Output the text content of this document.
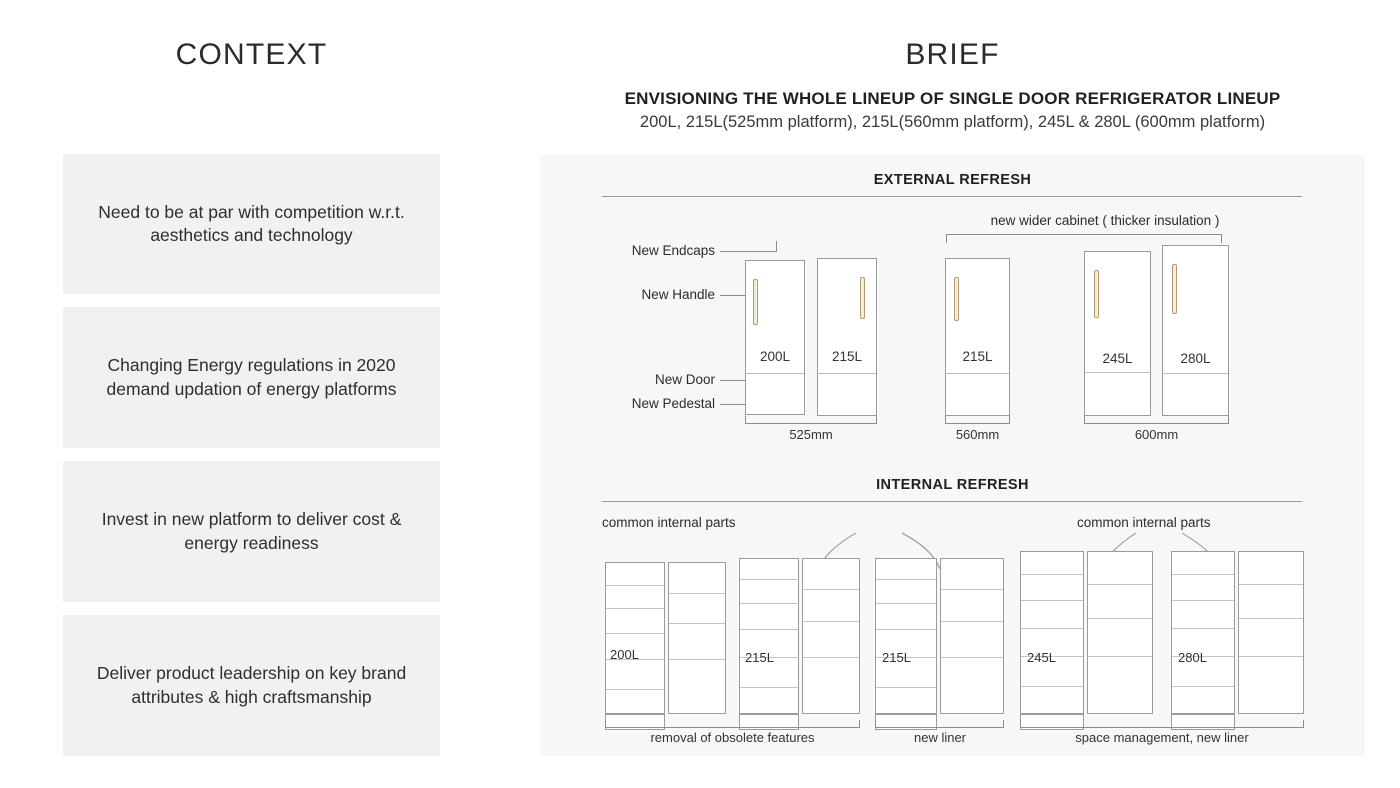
CONTEXT
Need to be at par with competition w.r.t. aesthetics and technology
Changing Energy regulations in 2020 demand updation of energy platforms
Invest in new platform to deliver cost & energy readiness
Deliver product leadership on key brand attributes & high craftsmanship
BRIEF
ENVISIONING THE WHOLE LINEUP OF SINGLE DOOR REFRIGERATOR LINEUP
200L, 215L(525mm platform), 215L(560mm platform), 245L & 280L (600mm platform)
EXTERNAL REFRESH
new wider cabinet ( thicker insulation )
New Endcaps
New Handle
New Door
New Pedestal
200L	215L
525mm
215L
560mm
245L	280L
600mm
INTERNAL REFRESH
common internal parts	common internal parts
200L	215L
removal of obsolete features
215L
new liner
245L	280L
space management, new liner
